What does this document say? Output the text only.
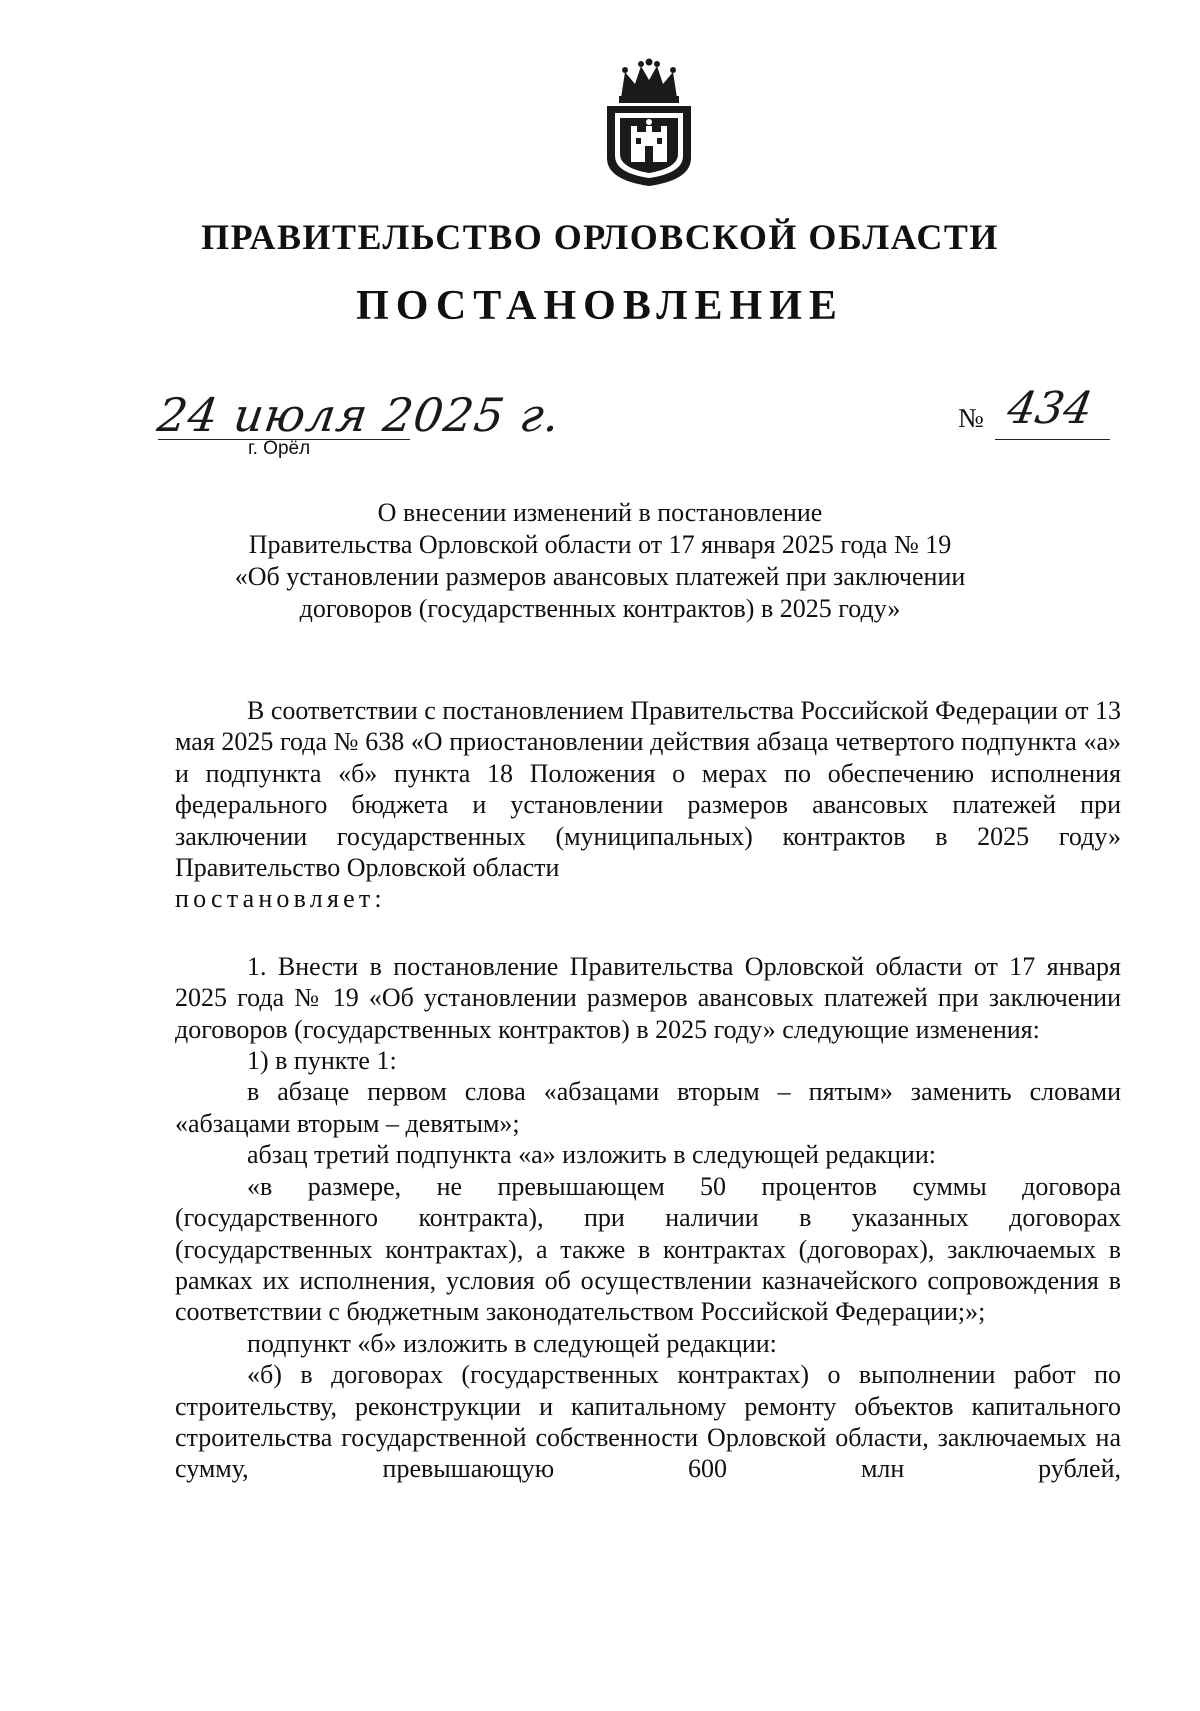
ПРАВИТЕЛЬСТВО ОРЛОВСКОЙ ОБЛАСТИ
ПОСТАНОВЛЕНИЕ
24 июля 2025 г.
г. Орёл
№ 434
О внесении изменений в постановление
Правительства Орловской области от 17 января 2025 года № 19
«Об установлении размеров авансовых платежей при заключении
договоров (государственных контрактов) в 2025 году»

В соответствии с постановлением Правительства Российской Федерации от 13 мая 2025 года № 638 «О приостановлении действия абзаца четвертого подпункта «а» и подпункта «б» пункта 18 Положения о мерах по обеспечению исполнения федерального бюджета и установлении размеров авансовых платежей при заключении государственных (муниципальных) контрактов в 2025 году» Правительство Орловской области

постановляет:

1. Внести в постановление Правительства Орловской области от 17 января 2025 года № 19 «Об установлении размеров авансовых платежей при заключении договоров (государственных контрактов) в 2025 году» следующие изменения:

1) в пункте 1:

в абзаце первом слова «абзацами вторым – пятым» заменить словами «абзацами вторым – девятым»;

абзац третий подпункта «а» изложить в следующей редакции:

«в размере, не превышающем 50 процентов суммы договора (государственного контракта), при наличии в указанных договорах (государственных контрактах), а также в контрактах (договорах), заключаемых в рамках их исполнения, условия об осуществлении казначейского сопровождения в соответствии с бюджетным законодательством Российской Федерации;»;

подпункт «б» изложить в следующей редакции:

«б) в договорах (государственных контрактах) о выполнении работ по строительству, реконструкции и капитальному ремонту объектов капитального строительства государственной собственности Орловской области, заключаемых на сумму, превышающую 600 млн рублей,
